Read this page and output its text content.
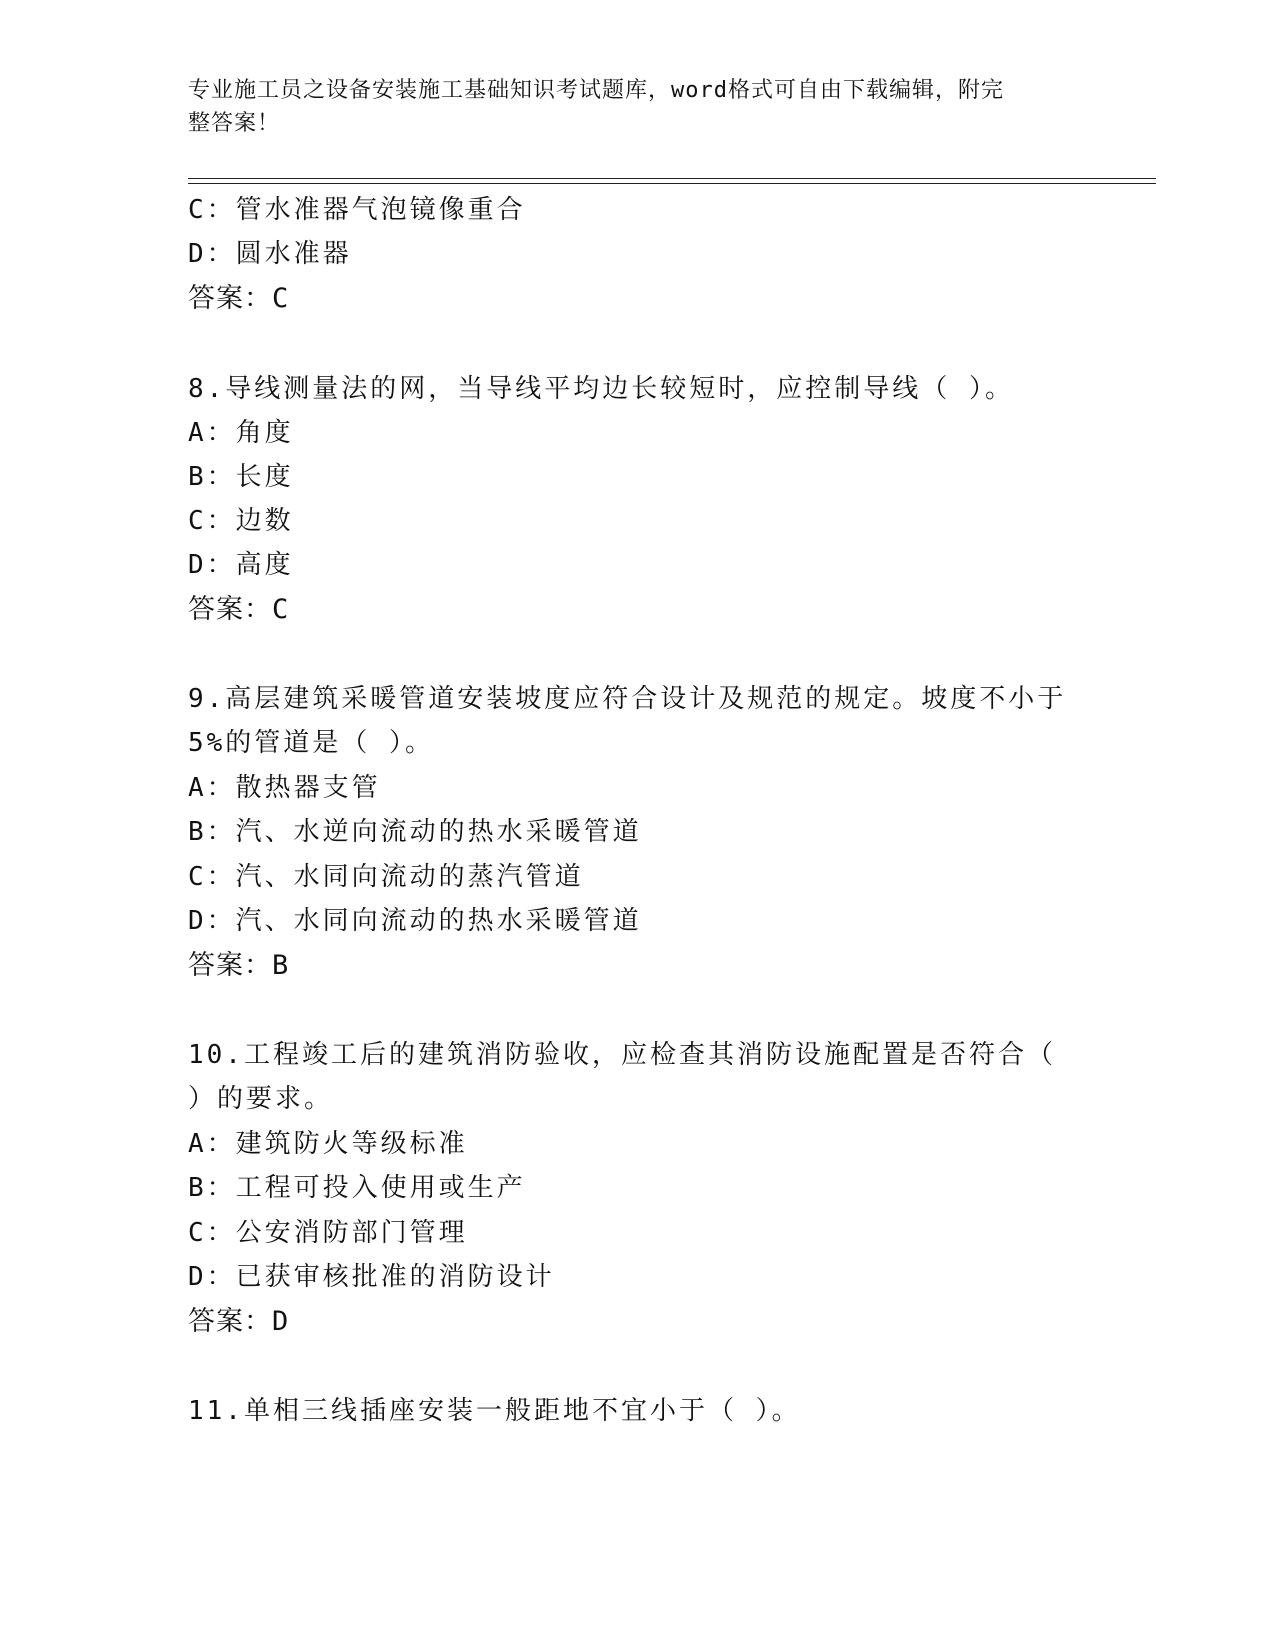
专业施工员之设备安装施工基础知识考试题库，word格式可自由下载编辑，附完
整答案！
C：管水准器气泡镜像重合
D：圆水准器
答案：C
8.导线测量法的网，当导线平均边长较短时，应控制导线（ ）。
A：角度
B：长度
C：边数
D：高度
答案：C
9.高层建筑采暖管道安装坡度应符合设计及规范的规定。坡度不小于
5%的管道是（ ）。
A：散热器支管
B：汽、水逆向流动的热水采暖管道
C：汽、水同向流动的蒸汽管道
D：汽、水同向流动的热水采暖管道
答案：B
10.工程竣工后的建筑消防验收，应检查其消防设施配置是否符合（
）的要求。
A：建筑防火等级标准
B：工程可投入使用或生产
C：公安消防部门管理
D：已获审核批准的消防设计
答案：D
11.单相三线插座安装一般距地不宜小于（ ）。
